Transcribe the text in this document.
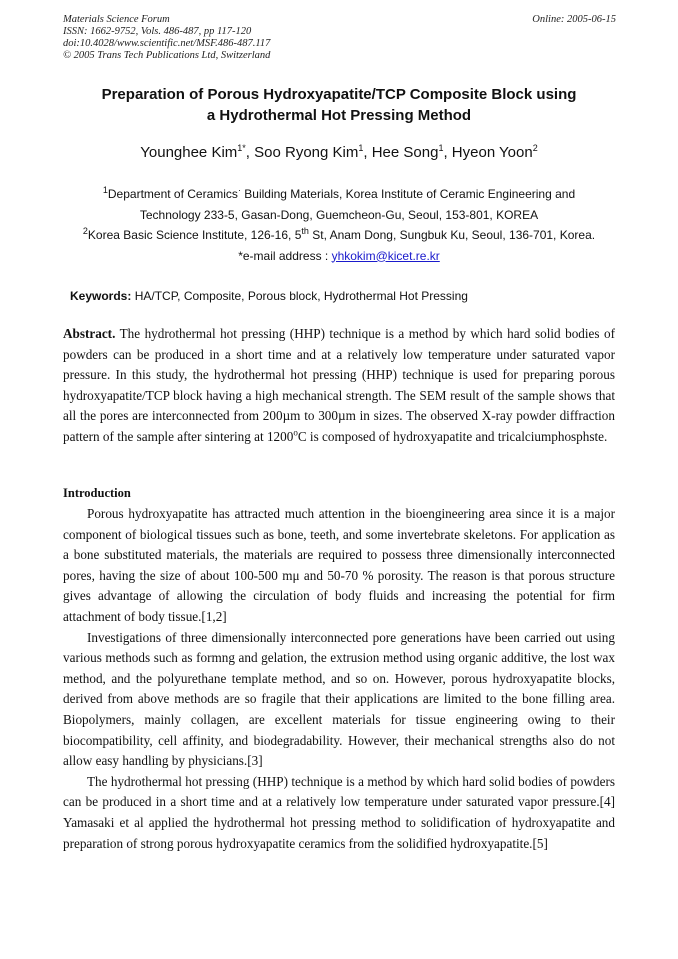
Materials Science Forum
ISSN: 1662-9752, Vols. 486-487, pp 117-120
doi:10.4028/www.scientific.net/MSF.486-487.117
© 2005 Trans Tech Publications Ltd, Switzerland
Online: 2005-06-15
Preparation of Porous Hydroxyapatite/TCP Composite Block using
a Hydrothermal Hot Pressing Method
Younghee Kim$^{1*}$, Soo Ryong Kim$^1$, Hee Song$^1$, Hyeon Yoon$^2$
$^1$Department of Ceramics· Building Materials, Korea Institute of Ceramic Engineering and
Technology 233-5, Gasan-Dong, Guemcheon-Gu, Seoul, 153-801, KOREA
$^2$Korea Basic Science Institute, 126-16, 5th St, Anam Dong, Sungbuk Ku, Seoul, 136-701, Korea.
*e-mail address : yhkokim@kicet.re.kr
Keywords: HA/TCP, Composite, Porous block, Hydrothermal Hot Pressing

Abstract. The hydrothermal hot pressing (HHP) technique is a method by which hard solid bodies of powders can be produced in a short time and at a relatively low temperature under saturated vapor pressure. In this study, the hydrothermal hot pressing (HHP) technique is used for preparing porous hydroxyapatite/TCP block having a high mechanical strength. The SEM result of the sample shows that all the pores are interconnected from 200µm to 300µm in sizes. The observed X-ray powder diffraction pattern of the sample after sintering at 1200$^o$C is composed of hydroxyapatite and tricalciumphosphste.

Introduction

Porous hydroxyapatite has attracted much attention in the bioengineering area since it is a major component of biological tissues such as bone, teeth, and some invertebrate skeletons. For application as a bone substituted materials, the materials are required to possess three dimensionally interconnected pores, having the size of about 100-500 mμ and 50-70 % porosity. The reason is that porous structure gives advantage of allowing the circulation of body fluids and increasing the potential for firm attachment of body tissue.[1,2]

Investigations of three dimensionally interconnected pore generations have been carried out using various methods such as formng and gelation, the extrusion method using organic additive, the lost wax method, and the polyurethane template method, and so on. However, porous hydroxyapatite blocks, derived from above methods are so fragile that their applications are limited to the bone filling area. Biopolymers, mainly collagen, are excellent materials for tissue engineering owing to their biocompatibility, cell affinity, and biodegradability. However, their mechanical strengths also do not allow easy handling by physicians.[3]

The hydrothermal hot pressing (HHP) technique is a method by which hard solid bodies of powders can be produced in a short time and at a relatively low temperature under saturated vapor pressure.[4] Yamasaki et al applied the hydrothermal hot pressing method to solidification of hydroxyapatite and preparation of strong porous hydroxyapatite ceramics from the solidified hydroxyapatite.[5]
